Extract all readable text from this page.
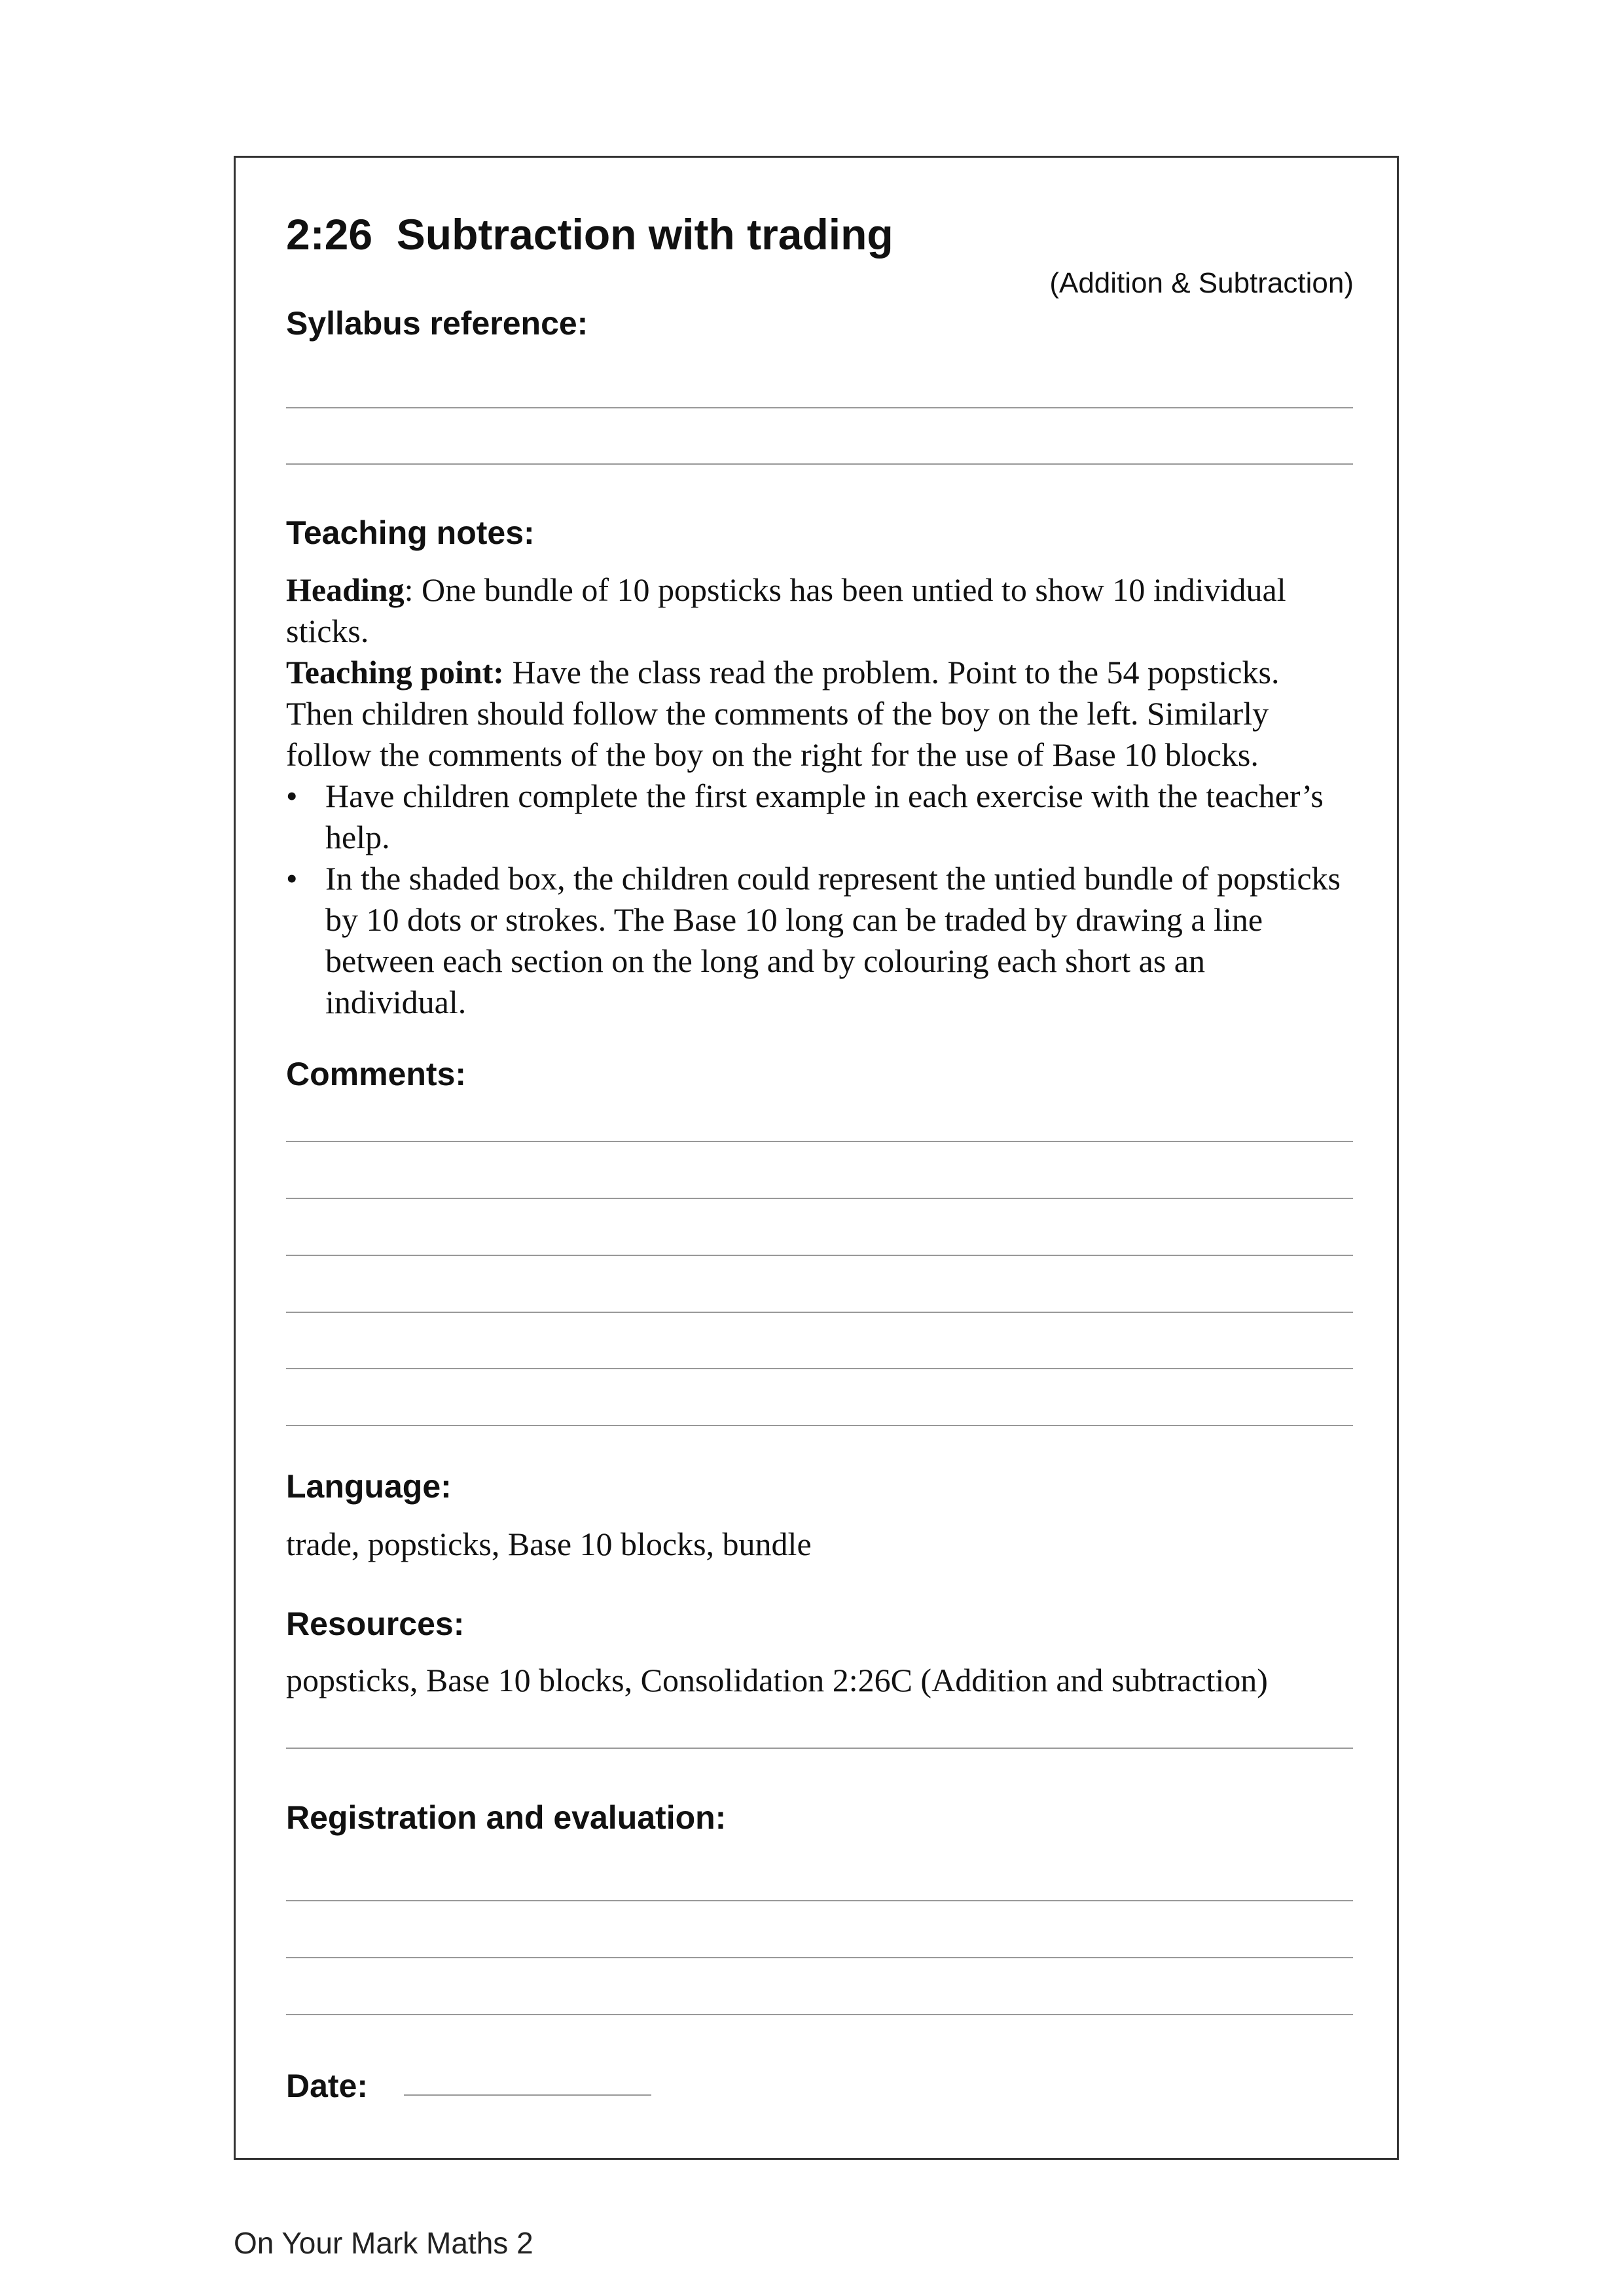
2:26  Subtraction with trading
(Addition & Subtraction)
Syllabus reference:
Teaching notes:

Heading: One bundle of 10 popsticks has been untied to show 10 individual sticks.

Teaching point: Have the class read the problem. Point to the 54 popsticks. Then children should follow the comments of the boy on the left. Similarly follow the comments of the boy on the right for the use of Base 10 blocks.

• Have children complete the first example in each exercise with the teacher’s help.
• In the shaded box, the children could represent the untied bundle of popsticks by 10 dots or strokes. The Base 10 long can be traded by drawing a line between each section on the long and by colouring each short as an individual.
Comments:
Language:
trade, popsticks, Base 10 blocks, bundle
Resources:
popsticks, Base 10 blocks, Consolidation 2:26C (Addition and subtraction)
Registration and evaluation:
Date:
On Your Mark Maths 2
